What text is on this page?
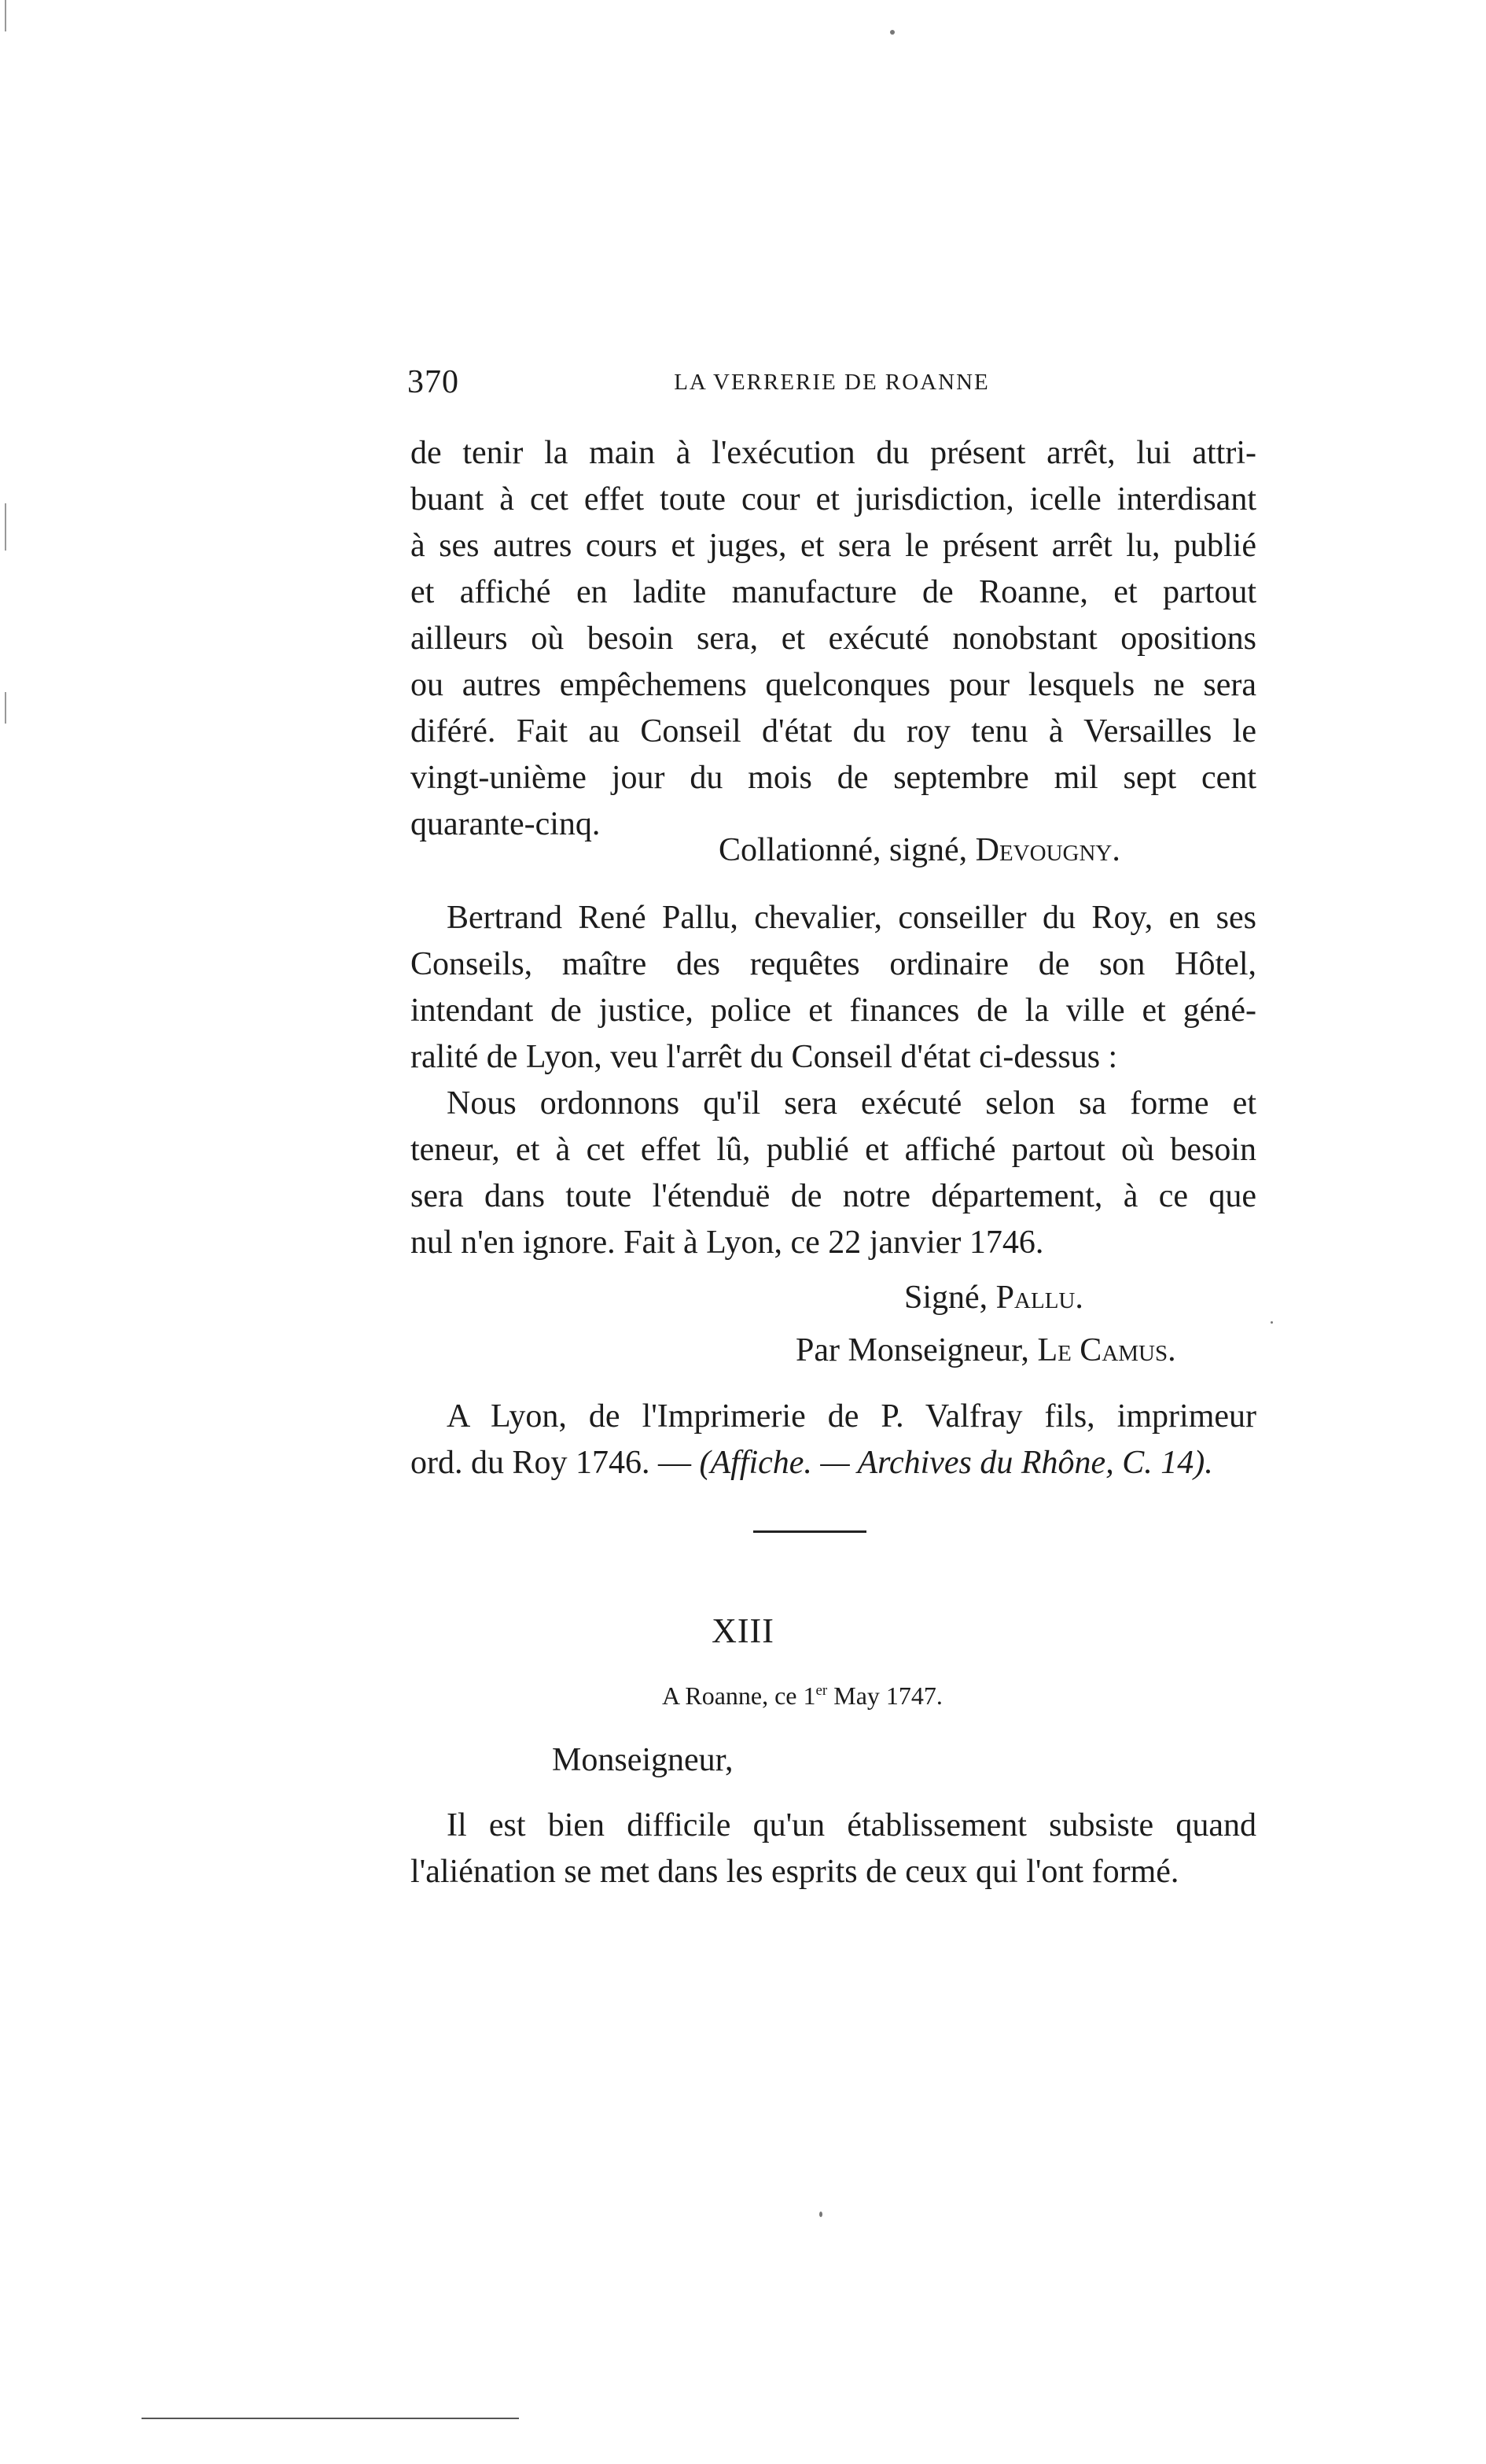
370	LA VERRERIE DE ROANNE
de tenir la main à l'exécution du présent arrêt, lui attri-
buant à cet effet toute cour et jurisdiction, icelle interdisant
à ses autres cours et juges, et sera le présent arrêt lu, publié
et affiché en ladite manufacture de Roanne, et partout
ailleurs où besoin sera, et exécuté nonobstant opositions
ou autres empêchemens quelconques pour lesquels ne sera
diféré. Fait au Conseil d'état du roy tenu à Versailles le
vingt-unième jour du mois de septembre mil sept cent
quarante-cinq.
Collationné, signé, Devougny.
Bertrand René Pallu, chevalier, conseiller du Roy, en ses
Conseils, maître des requêtes ordinaire de son Hôtel,
intendant de justice, police et finances de la ville et géné-
ralité de Lyon, veu l'arrêt du Conseil d'état ci-dessus :
Nous ordonnons qu'il sera exécuté selon sa forme et
teneur, et à cet effet lû, publié et affiché partout où besoin
sera dans toute l'étenduë de notre département, à ce que
nul n'en ignore. Fait à Lyon, ce 22 janvier 1746.
Signé, Pallu.
Par Monseigneur, Le Camus.
A Lyon, de l'Imprimerie de P. Valfray fils, imprimeur
ord. du Roy 1746. — (Affiche. — Archives du Rhône, C. 14).
XIII
A Roanne, ce 1er May 1747.
Monseigneur,
Il est bien difficile qu'un établissement subsiste quand
l'aliénation se met dans les esprits de ceux qui l'ont formé.
